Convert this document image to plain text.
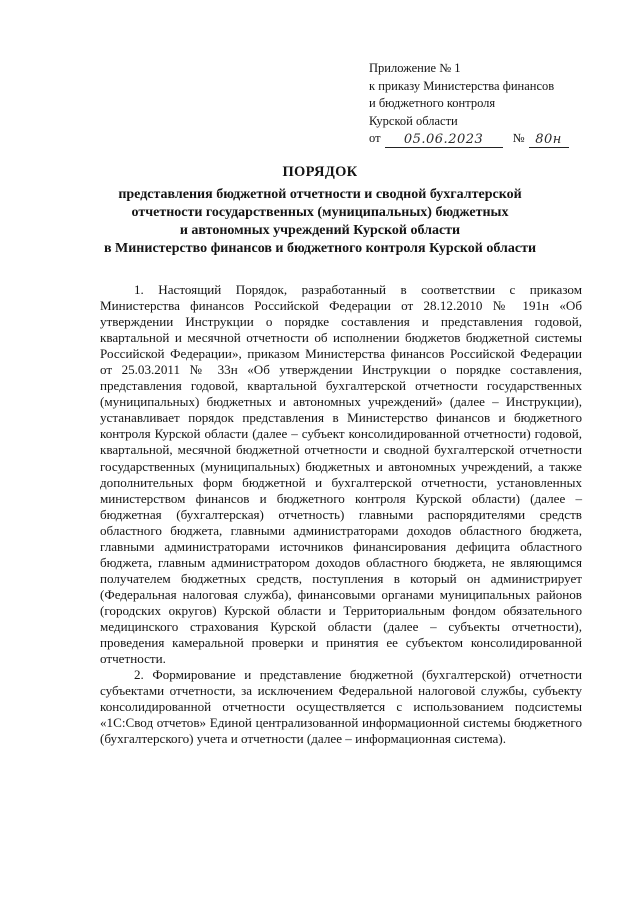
Приложение № 1
к приказу Министерства финансов
и бюджетного контроля
Курской области
от	05.06.2023	№ 80н
ПОРЯДОК
представления бюджетной отчетности и сводной бухгалтерской
отчетности государственных (муниципальных) бюджетных
и автономных учреждений Курской области
в Министерство финансов и бюджетного контроля Курской области

1. Настоящий Порядок, разработанный в соответствии с приказом Министерства финансов Российской Федерации от 28.12.2010 № 191н «Об утверждении Инструкции о порядке составления и представления годовой, квартальной и месячной отчетности об исполнении бюджетов бюджетной системы Российской Федерации», приказом Министерства финансов Российской Федерации от 25.03.2011 № 33н «Об утверждении Инструкции о порядке составления, представления годовой, квартальной бухгалтерской отчетности государственных (муниципальных) бюджетных и автономных учреждений» (далее – Инструкции), устанавливает порядок представления в Министерство финансов и бюджетного контроля Курской области (далее – субъект консолидированной отчетности) годовой, квартальной, месячной бюджетной отчетности и сводной бухгалтерской отчетности государственных (муниципальных) бюджетных и автономных учреждений, а также дополнительных форм бюджетной и бухгалтерской отчетности, установленных министерством финансов и бюджетного контроля Курской области) (далее – бюджетная (бухгалтерская) отчетность) главными распорядителями средств областного бюджета, главными администраторами доходов областного бюджета, главными администраторами источников финансирования дефицита областного бюджета, главным администратором доходов областного бюджета, не являющимся получателем бюджетных средств, поступления в который он администрирует (Федеральная налоговая служба), финансовыми органами муниципальных районов (городских округов) Курской области и Территориальным фондом обязательного медицинского страхования Курской области (далее – субъекты отчетности), проведения камеральной проверки и принятия ее субъектом консолидированной отчетности.

2. Формирование и представление бюджетной (бухгалтерской) отчетности субъектами отчетности, за исключением Федеральной налоговой службы, субъекту консолидированной отчетности осуществляется с использованием подсистемы «1С:Свод отчетов» Единой централизованной информационной системы бюджетного (бухгалтерского) учета и отчетности (далее – информационная система).
